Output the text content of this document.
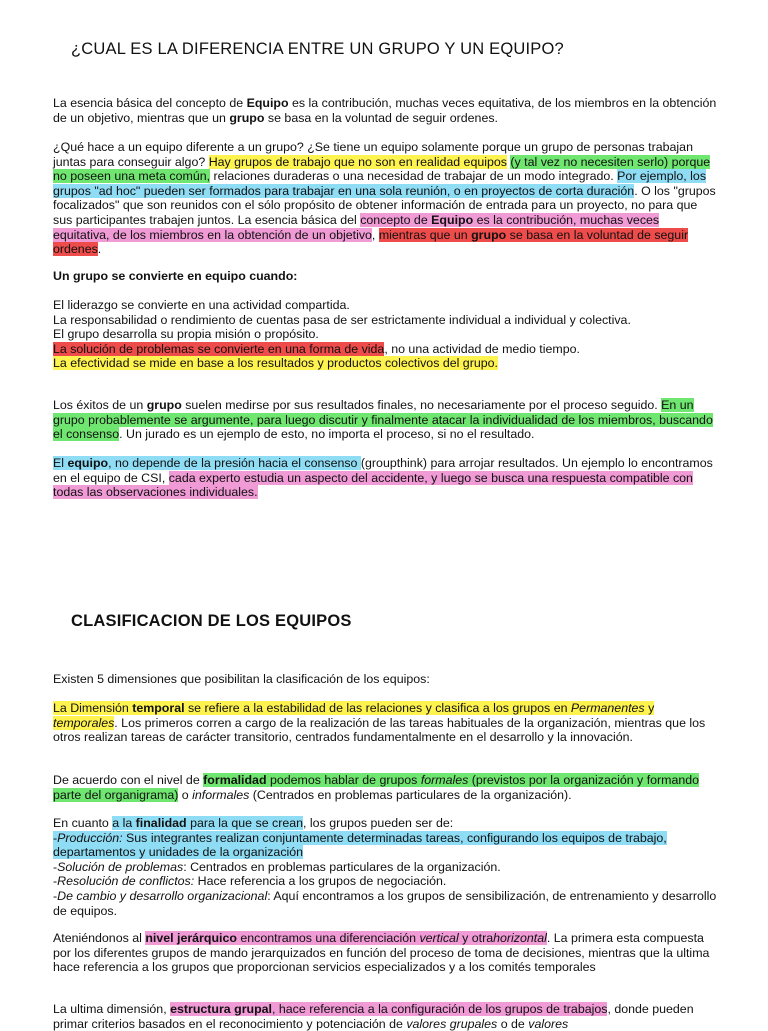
¿CUAL ES LA DIFERENCIA ENTRE UN GRUPO Y UN EQUIPO?

La esencia básica del concepto de Equipo es la contribución, muchas veces equitativa, de los miembros en la obtención de un objetivo, mientras que un grupo se basa en la voluntad de seguir ordenes.

¿Qué hace a un equipo diferente a un grupo? ¿Se tiene un equipo solamente porque un grupo de personas trabajan juntas para conseguir algo? Hay grupos de trabajo que no son en realidad equipos (y tal vez no necesiten serlo) porque no poseen una meta común, relaciones duraderas o una necesidad de trabajar de un modo integrado. Por ejemplo, los grupos "ad hoc" pueden ser formados para trabajar en una sola reunión, o en proyectos de corta duración. O los "grupos focalizados" que son reunidos con el sólo propósito de obtener información de entrada para un proyecto, no para que sus participantes trabajen juntos. La esencia básica del concepto de Equipo es la contribución, muchas veces equitativa, de los miembros en la obtención de un objetivo, mientras que un grupo se basa en la voluntad de seguir ordenes.

Un grupo se convierte en equipo cuando:

El liderazgo se convierte en una actividad compartida.
La responsabilidad o rendimiento de cuentas pasa de ser estrictamente individual a individual y colectiva.
El grupo desarrolla su propia misión o propósito.
La solución de problemas se convierte en una forma de vida, no una actividad de medio tiempo.
La efectividad se mide en base a los resultados y productos colectivos del grupo.

Los éxitos de un grupo suelen medirse por sus resultados finales, no necesariamente por el proceso seguido. En un grupo probablemente se argumente, para luego discutir y finalmente atacar la individualidad de los miembros, buscando el consenso. Un jurado es un ejemplo de esto, no importa el proceso, si no el resultado.

El equipo, no depende de la presión hacia el consenso (groupthink) para arrojar resultados. Un ejemplo lo encontramos en el equipo de CSI, cada experto estudia un aspecto del accidente, y luego se busca una respuesta compatible con todas las observaciones individuales.

CLASIFICACION DE LOS EQUIPOS

Existen 5 dimensiones que posibilitan la clasificación de los equipos:

La Dimensión temporal se refiere a la estabilidad de las relaciones y clasifica a los grupos en Permanentes y temporales. Los primeros corren a cargo de la realización de las tareas habituales de la organización, mientras que los otros realizan tareas de carácter transitorio, centrados fundamentalmente en el desarrollo y la innovación.

De acuerdo con el nivel de formalidad podemos hablar de grupos formales (previstos por la organización y formando parte del organigrama) o informales (Centrados en problemas particulares de la organización).

En cuanto a la finalidad para la que se crean, los grupos pueden ser de:
-Producción: Sus integrantes realizan conjuntamente determinadas tareas, configurando los equipos de trabajo, departamentos y unidades de la organización
-Solución de problemas: Centrados en problemas particulares de la organización.
-Resolución de conflictos: Hace referencia a los grupos de negociación.
-De cambio y desarrollo organizacional: Aquí encontramos a los grupos de sensibilización, de entrenamiento y desarrollo de equipos.

Ateniéndonos al nivel jerárquico encontramos una diferenciación vertical y otrahorizontal. La primera esta compuesta por los diferentes grupos de mando jerarquizados en función del proceso de toma de decisiones, mientras que la ultima hace referencia a los grupos que proporcionan servicios especializados y a los comités temporales

La ultima dimensión, estructura grupal, hace referencia a la configuración de los grupos de trabajos, donde pueden primar criterios basados en el reconocimiento y potenciación de valores grupales o de valores
